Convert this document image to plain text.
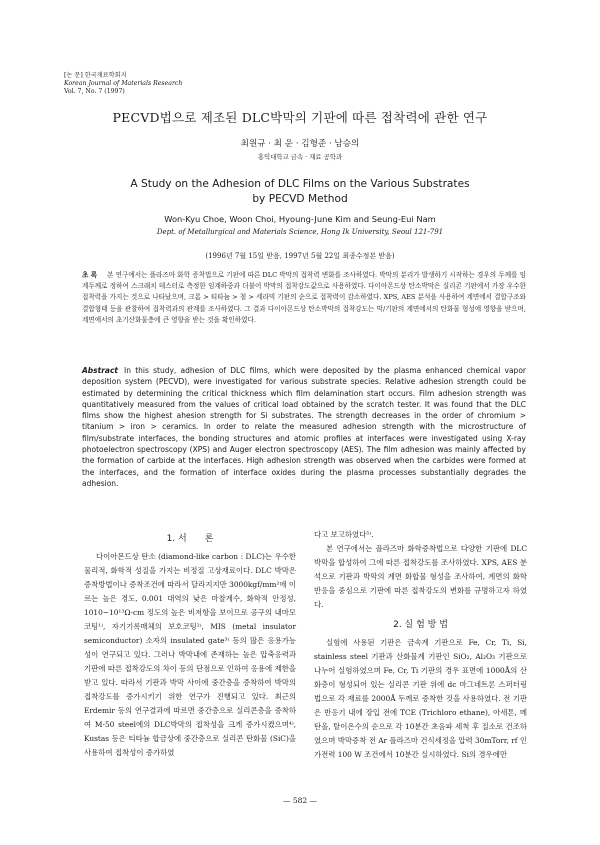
[논 문] 한국재료학회지
Korean Journal of Materials Research
Vol. 7, No. 7 (1997)
PECVD법으로 제조된 DLC박막의 기판에 따른 접착력에 관한 연구
최원규 · 최 운 · 김형준 · 남승의
홍익대학교 금속 · 재료 공학과
A Study on the Adhesion of DLC Films on the Various Substrates
by PECVD Method
Won-Kyu Choe, Woon Choi, Hyoung-June Kim and Seung-Eui Nam
Dept. of Metallurgical and Materials Science, Hong Ik University, Seoul 121-791
(1996년 7월 15일 받음, 1997년 5월 22일 최종수정본 받음)
초 록 본 연구에서는 플라즈마 화학 증착법으로 기판에 따른 DLC 박막의 접착력 변화를 조사하였다. 박막의 분리가 발생하기 시작하는 경우의 두께를 임계두께로 정하여 스크래치 테스터로 측정한 임계하중과 더불어 박막의 접착강도값으로 사용하였다. 다이아몬드상 탄소박막은 실리콘 기판에서 가장 우수한 접착력을 가지는 것으로 나타났으며, 크롬 > 티타늄 > 철 > 세라믹 기판의 순으로 접착력이 감소하였다. XPS, AES 분석을 사용하여 계면에서 결합구조와 결합형태 등을 관찰하여 접착력과의 관계를 조사하였다. 그 결과 다이아몬드상 탄소박막의 접착강도는 막/기판의 계면에서의 탄화물 형성에 영향을 받으며, 계면에서의 초기산화물층에 큰 영향을 받는 것을 확인하였다.
Abstract In this study, adhesion of DLC films, which were deposited by the plasma enhanced chemical vapor deposition system (PECVD), were investigated for various substrate species. Relative adhesion strength could be estimated by determining the critical thickness which film delamination start occurs. Film adhesion strength was quantitatively measured from the values of critical load obtained by the scratch tester. It was found that the DLC films show the highest ahesion strength for Si substrates. The strength decreases in the order of chromium > titanium > iron > ceramics. In order to relate the measured adhesion strength with the microstructure of film/substrate interfaces, the bonding structures and atomic profiles at interfaces were investigated using X-ray photoelectron spectroscopy (XPS) and Auger electron spectroscopy (AES). The film adhesion was mainly affected by the formation of carbide at the interfaces. High adhesion strength was observed when the carbides were formed at the interfaces, and the formation of interface oxides during the plasma processes substantially degrades the adhesion.
1. 서　　론

다이아몬드상 탄소 (diamond-like carbon : DLC)는 우수한 물리적, 화학적 성질을 가지는 비정질 고상재료이다. DLC 박막은 증착방법이나 증착조건에 따라서 달라지지만 3000kgf/mm²에 이르는 높은 경도, 0.001 대역의 낮은 마찰계수, 화학적 안정성, 1010~10¹³Ω-cm 정도의 높은 비저항을 보이므로 공구의 내마모 코팅¹⁾, 자기기록매체의 보호코팅²⁾, MIS (metal insulator semiconductor) 소자의 insulated gate³⁾ 등의 많은 응용가능성이 연구되고 있다. 그러나 박막내에 존재하는 높은 압축응력과 기판에 따른 접착강도의 차이 등의 단점으로 인하여 응용에 제한을 받고 있다. 따라서 기판과 박막 사이에 중간층을 증착하여 박막의 접착강도를 증가시키기 위한 연구가 진행되고 있다. 최근의 Erdemir 등의 연구결과에 따르면 중간층으로 실리콘층을 증착하여 M-50 steel에의 DLC박막의 접착성을 크게 증가시켰으며⁴⁾, Kustas 등은 티타늄 합금상에 중간층으로 실리콘 탄화물 (SiC)을 사용하여 접착성이 증가하였

다고 보고하였다⁵⁾.

본 연구에서는 플라즈마 화학증착법으로 다양한 기판에 DLC 박막을 합성하여 그에 따른 접착강도를 조사하였다. XPS, AES 분석으로 기판과 박막의 계면 화합물 형성을 조사하여, 계면의 화학반응을 중심으로 기판에 따른 접착강도의 변화를 규명하고자 하였다.

2. 실 험 방 법

실험에 사용된 기판은 금속계 기판으로 Fe, Cr, Ti, Si, stainless steel 기판과 산화물계 기판인 SiO₂, Al₂O₃ 기판으로 나누어 실험하였으며 Fe, Cr, Ti 기판의 경우 표면에 1000Å의 산화층이 형성되어 있는 실리콘 기판 위에 dc 마그네트론 스퍼터링법으로 각 재료를 2000Å 두께로 증착한 것을 사용하였다. 전 기판은 반응기 내에 장입 전에 TCE (Trichloro ethane), 아세톤, 메탄올, 탈이온수의 순으로 각 10분간 초음파 세척 후 질소로 건조하였으며 박막증착 전 Ar 플라즈마 건식세정을 압력 30mTorr, rf 인가전력 100 W 조건에서 10분간 실시하였다. Si의 경우에만

— 582 —
